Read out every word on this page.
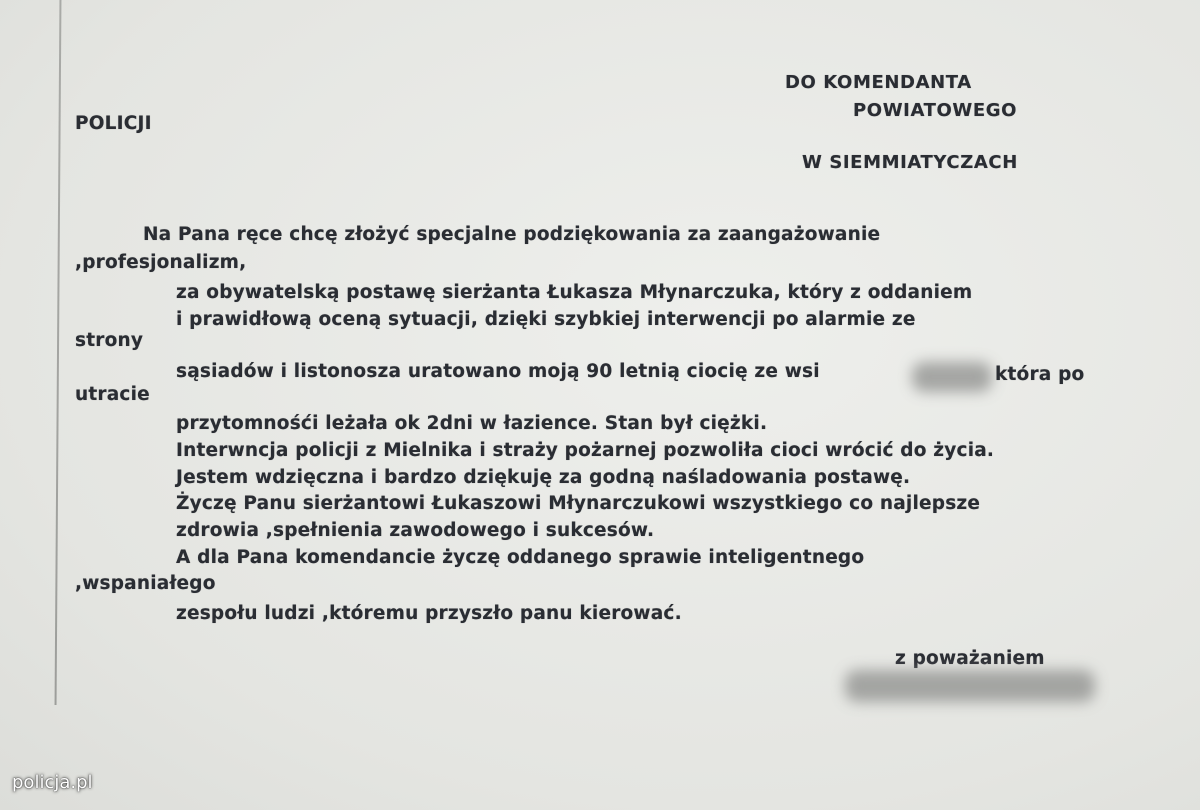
DO KOMENDANTA
POWIATOWEGO
POLICJI
W SIEMMIATYCZACH
Na Pana ręce chcę złożyć specjalne podziękowania za zaangażowanie
,profesjonalizm,
za obywatelską postawę sierżanta Łukasza Młynarczuka, który z oddaniem
i prawidłową oceną sytuacji, dzięki szybkiej interwencji po alarmie ze
strony
sąsiadów i listonosza uratowano moją 90 letnią ciocię ze wsi	która po
utracie
przytomnośći leżała ok 2dni w łazience. Stan był ciężki.
Interwncja policji z Mielnika i straży pożarnej pozwoliła cioci wrócić do życia.
Jestem wdzięczna i bardzo dziękuję za godną naśladowania postawę.
Życzę Panu sierżantowi Łukaszowi Młynarczukowi wszystkiego co najlepsze
zdrowia ,spełnienia zawodowego i sukcesów.
A dla Pana komendancie życzę oddanego sprawie inteligentnego
,wspaniałego
zespołu ludzi ,któremu przyszło panu kierować.
z poważaniem
policja.pl
